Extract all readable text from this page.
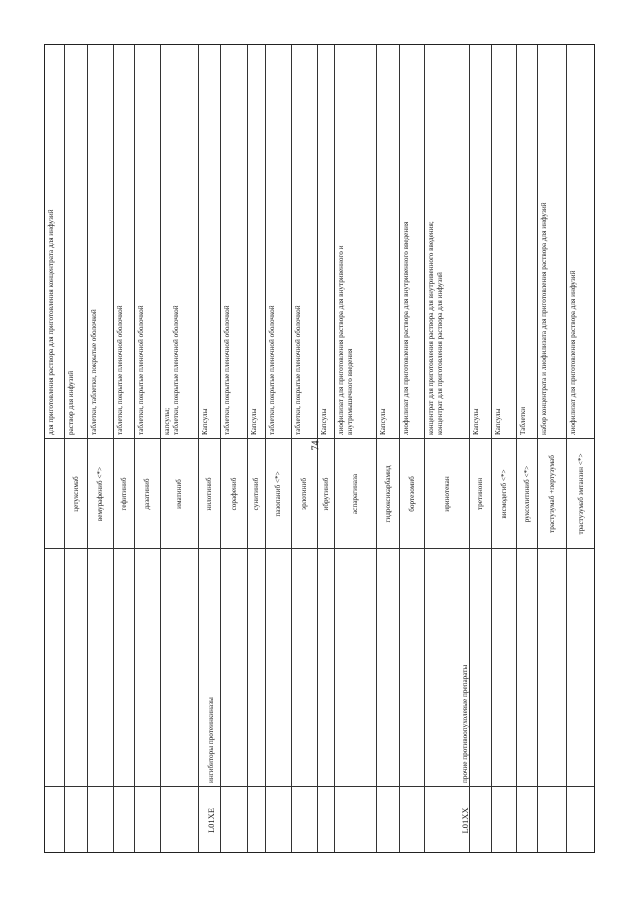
для приготовления раствора для приготовления концентрата для инфузий
цетуксимаб
раствор для инфузий
вемурафениб <*>
таблетки, таблетки, покрытые оболочкой
гефитиниб
таблетки, покрытые пленочной оболочкой
дазатиниб
таблетки, покрытые пленочной оболочкой
иматиниб
капсулы; таблетки, покрытые пленочной оболочкой
нилотиниб
Капсулы
сорафениб
таблетки, покрытые пленочной оболочкой
сунитиниб
Капсулы
пазопаниб <*>
таблетки, покрытые пленочной оболочкой
эрлотиниб
таблетки, покрытые пленочной оболочкой
ибрутиниб
Капсулы
L01XE
ингибиторы протеинкиназы
аспарагиназа
лиофилизат для приготовления раствора для внутривенного и внутримышечного введения
гидроксикарбамид
Капсулы
бортезомиб
лиофилизат для приготовления раствора для внутривенного введения
иринотекан
концентрат для приготовления раствора для внутривенного введения; концентрат для приготовления раствора для инфузий
третиноин
Капсулы
висмодегиб <*>
Капсулы
руксолитиниб <*>
Таблетки
трастузумаб +пертузумаб
набор концентрата и лиофилизата для приготовления раствора для инфузий
трастузумаб эмтанзин <*>
лиофилизат для приготовления раствора для инфузий
L01XX
прочие противоопухолевые препараты
74
